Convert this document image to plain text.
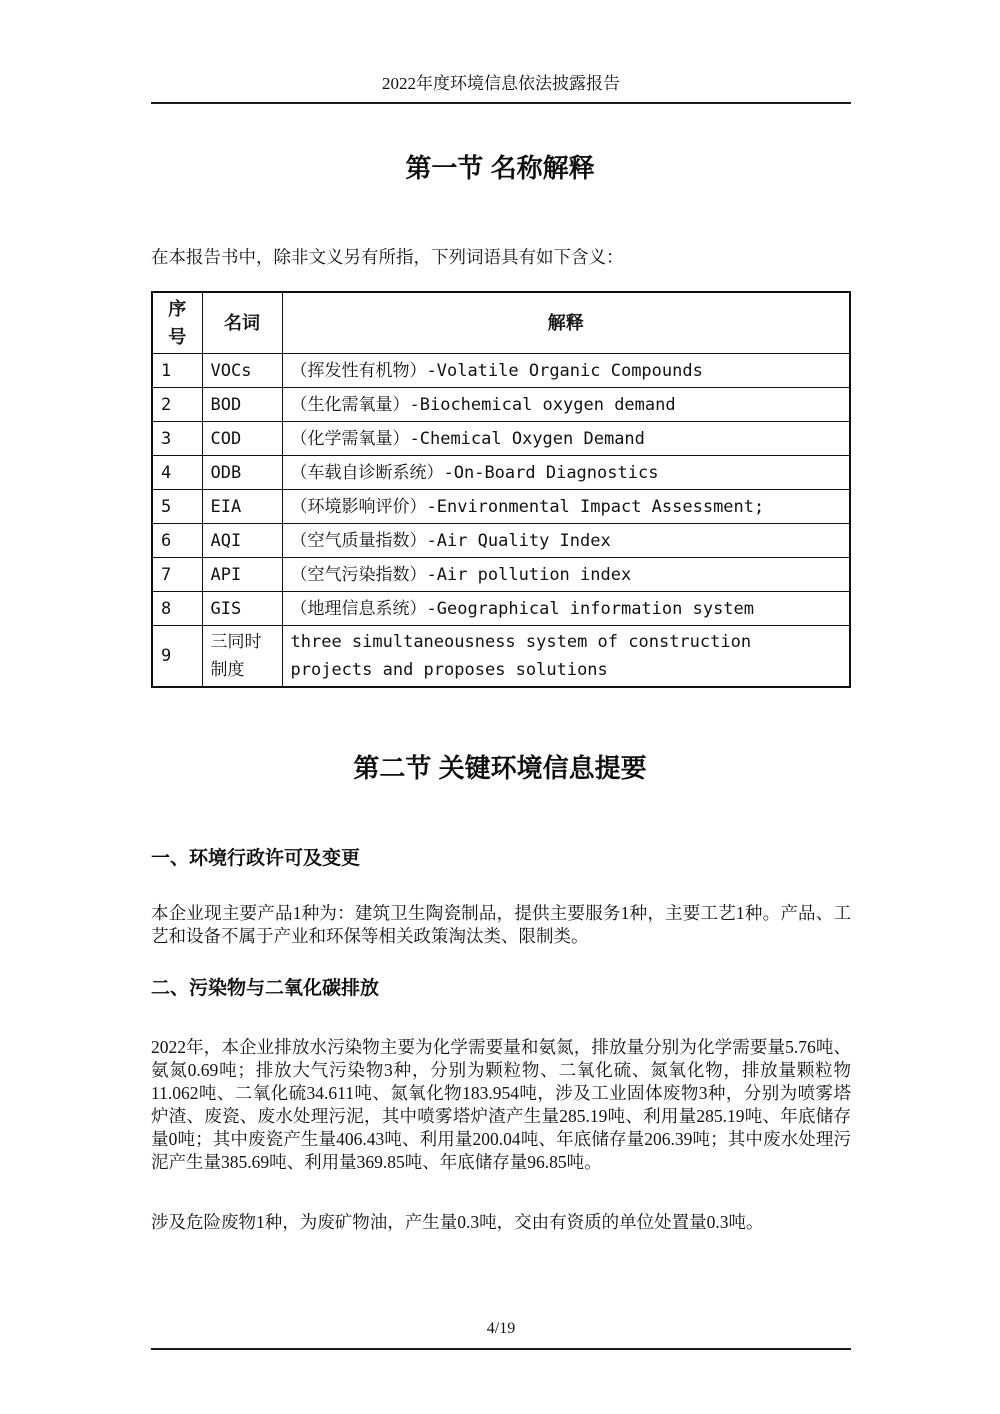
2022年度环境信息依法披露报告
第一节 名称解释

在本报告书中，除非文义另有所指，下列词语具有如下含义：

序号	名词	解释
1	VOCs	（挥发性有机物）-Volatile Organic Compounds
2	BOD	（生化需氧量）-Biochemical oxygen demand
3	COD	（化学需氧量）-Chemical Oxygen Demand
4	ODB	（车载自诊断系统）-On-Board Diagnostics
5	EIA	（环境影响评价）-Environmental Impact Assessment;
6	AQI	（空气质量指数）-Air Quality Index
7	API	（空气污染指数）-Air pollution index
8	GIS	（地理信息系统）-Geographical information system
9	三同时制度	three simultaneousness system of construction projects and proposes solutions
第二节 关键环境信息提要
一、环境行政许可及变更

本企业现主要产品1种为：建筑卫生陶瓷制品，提供主要服务1种，主要工艺1种。产品、工艺和设备不属于产业和环保等相关政策淘汰类、限制类。

二、污染物与二氧化碳排放

2022年，本企业排放水污染物主要为化学需要量和氨氮，排放量分别为化学需要量5.76吨、氨氮0.69吨；排放大气污染物3种，分别为颗粒物、二氧化硫、氮氧化物，排放量颗粒物11.062吨、二氧化硫34.611吨、氮氧化物183.954吨，涉及工业固体废物3种，分别为喷雾塔炉渣、废瓷、废水处理污泥，其中喷雾塔炉渣产生量285.19吨、利用量285.19吨、年底储存量0吨；其中废瓷产生量406.43吨、利用量200.04吨、年底储存量206.39吨；其中废水处理污泥产生量385.69吨、利用量369.85吨、年底储存量96.85吨。

涉及危险废物1种，为废矿物油，产生量0.3吨，交由有资质的单位处置量0.3吨。

4/19
